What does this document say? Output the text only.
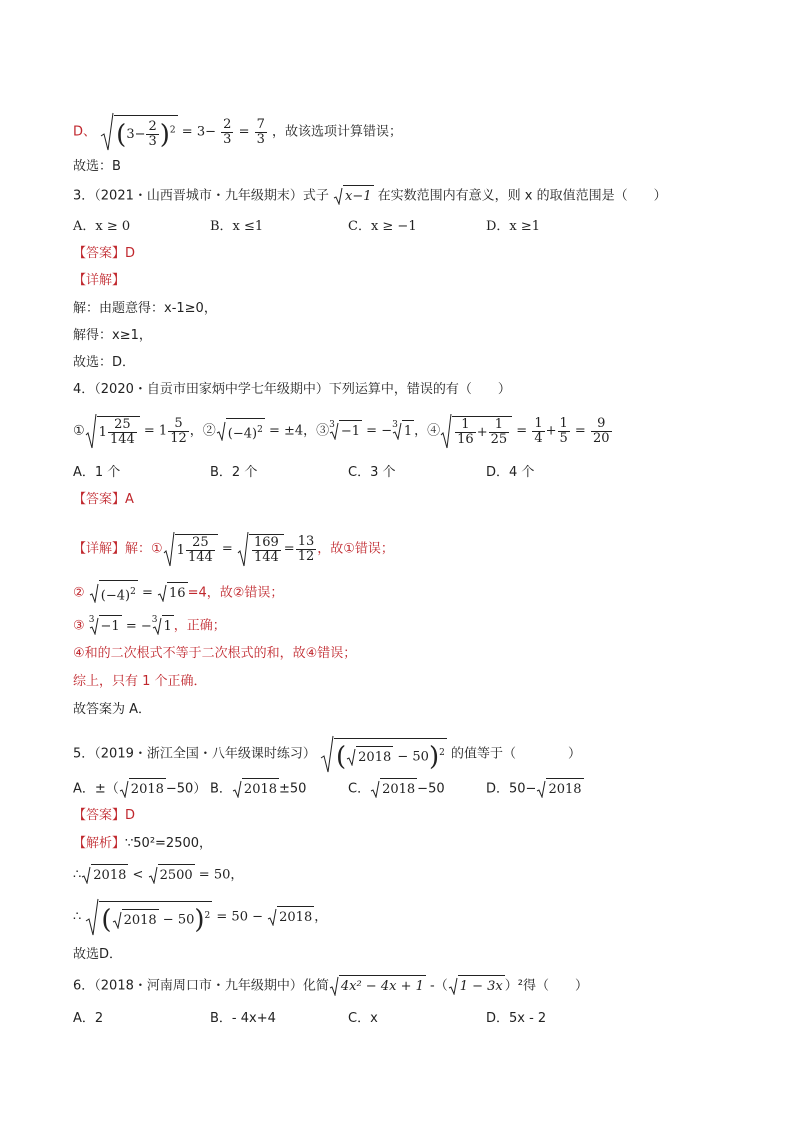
D、 $(3- \frac{2}{3} )^2 = 3- \frac{2}{3} = \frac{7}{3}$ ，故该选项计算错误；
故选：B
3．（2021・山西晋城市・九年级期末）式子 x−1 在实数范围内有意义，则 x 的取值范围是（　　）
A．x ≥ 0	B．x ≤1	C．x ≥ −1	D．x ≥1
【答案】D
【详解】
解：由题意得：x-1≥0，
解得：x≥1，
故选：D．
4．（2020・自贡市田家炳中学七年级期中）下列运算中，错误的有（　　）
① $1 \frac{25}{144} = 1 \frac{5}{12}$ ，② $(-4)^2 = \pm 4$，③$^3$ −1 = −$^3$ 1 ，④ $\frac{1}{16} + \frac{1}{25} = \frac{1}{4} + \frac{1}{5} = \frac{9}{20}$
A．1 个	B．2 个	C．3 个	D．4 个
【答案】A
【详解】解：① $1 \frac{25}{144} = \frac{169}{144} = \frac{13}{12}$ ，故①错误；
② $(-4)^2 = 16 =4$，故②错误；
③ $^3$ −1 = −$^3$ 1 ，正确；
④和的二次根式不等于二次根式的和，故④错误；
综上，只有 1 个正确．
故答案为 A．
5．（2019・浙江全国・八年级课时练习） ( 2018 − 50)$^2$ 的值等于（　　　　）
A．±（ 2018 −50） B． 2018 ±50	C． 2018 −50	D．50− 2018
【答案】D
【解析】∵50²=2500，
∴ 2018 < 2500 = 50，
∴ ( 2018 − 50)$^2$ = 50 − 2018 ，
故选D．
6．（2018・河南周口市・九年级期中）化简 4x² − 4x + 1 -（ 1 − 3x ）²得（　　）
A．2	B．- 4x+4	C．x	D．5x - 2
